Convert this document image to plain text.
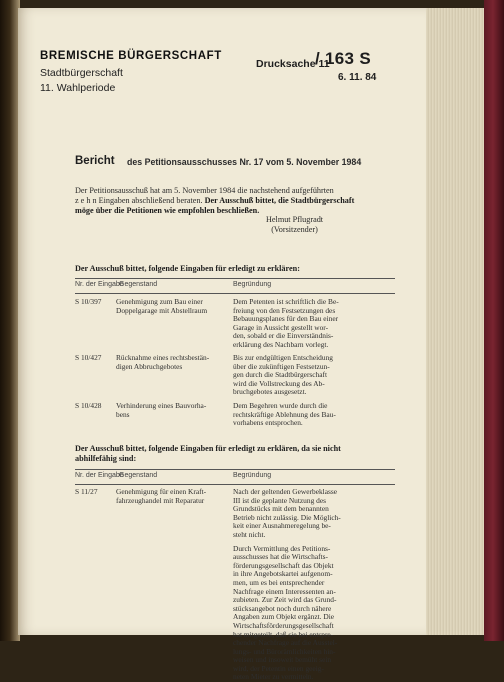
BREMISCHE BÜRGERSCHAFT
Stadtbürgerschaft
11. Wahlperiode
Drucksache 11
/ 163 S
6. 11. 84
Bericht des Petitionsausschusses Nr. 17 vom 5. November 1984
Der Petitionsausschuß hat am 5. November 1984 die nachstehend aufgeführten
z e h n Eingaben abschließend beraten. Der Ausschuß bittet, die Stadtbürgerschaft
möge über die Petitionen wie empfohlen beschließen.
Helmut Pflugradt
(Vorsitzender)
Der Ausschuß bittet, folgende Eingaben für erledigt zu erklären:
Nr. der Eingabe
Gegenstand	Begründung
S 10/397 Genehmigung zum Bau einer
Doppelgarage mit Abstellraum
Dem Petenten ist schriftlich die Be-
freiung von den Festsetzungen des
Bebauungsplanes für den Bau einer
Garage in Aussicht gestellt wor-
den, sobald er die Einverständnis-
erklärung des Nachbarn vorlegt.
S 10/427 Rücknahme eines rechtsbestän-
digen Abbruchgebotes
Bis zur endgültigen Entscheidung
über die zukünftigen Festsetzun-
gen durch die Stadtbürgerschaft
wird die Vollstreckung des Ab-
bruchgebotes ausgesetzt.
S 10/428 Verhinderung eines Bauvorha-
bens
Dem Begehren wurde durch die
rechtskräftige Ablehnung des Bau-
vorhabens entsprochen.
Der Ausschuß bittet, folgende Eingaben für erledigt zu erklären, da sie nicht
abhilfefähig sind:
Nr. der Eingabe
Gegenstand	Begründung
S 11/27 Genehmigung für einen Kraft-
fahrzeughandel mit Reparatur
Nach der geltenden Gewerbeklasse
III ist die geplante Nutzung des
Grundstücks mit dem benannten
Betrieb nicht zulässig. Die Möglich-
keit einer Ausnahmeregelung be-
steht nicht.
Durch Vermittlung des Petitions-
ausschusses hat die Wirtschafts-
förderungsgesellschaft das Objekt
in ihre Angebotskartei aufgenom-
men, um es bei entsprechender
Nachfrage einem Interessenten an-
zubieten. Zur Zeit wird das Grund-
stücksangebot noch durch nähere
Angaben zum Objekt ergänzt. Die
Wirtschaftsförderungsgesellschaft
hat mitgeteilt, daß sie bei entspre-
chender Nachfrage auf die Ausstel-
lungs- und Bürorämlichkeiten hin-
weisen und insoweit bemüht sein
wird, der Petentin einen geeig-
neten Mieter zu vermitteln.
